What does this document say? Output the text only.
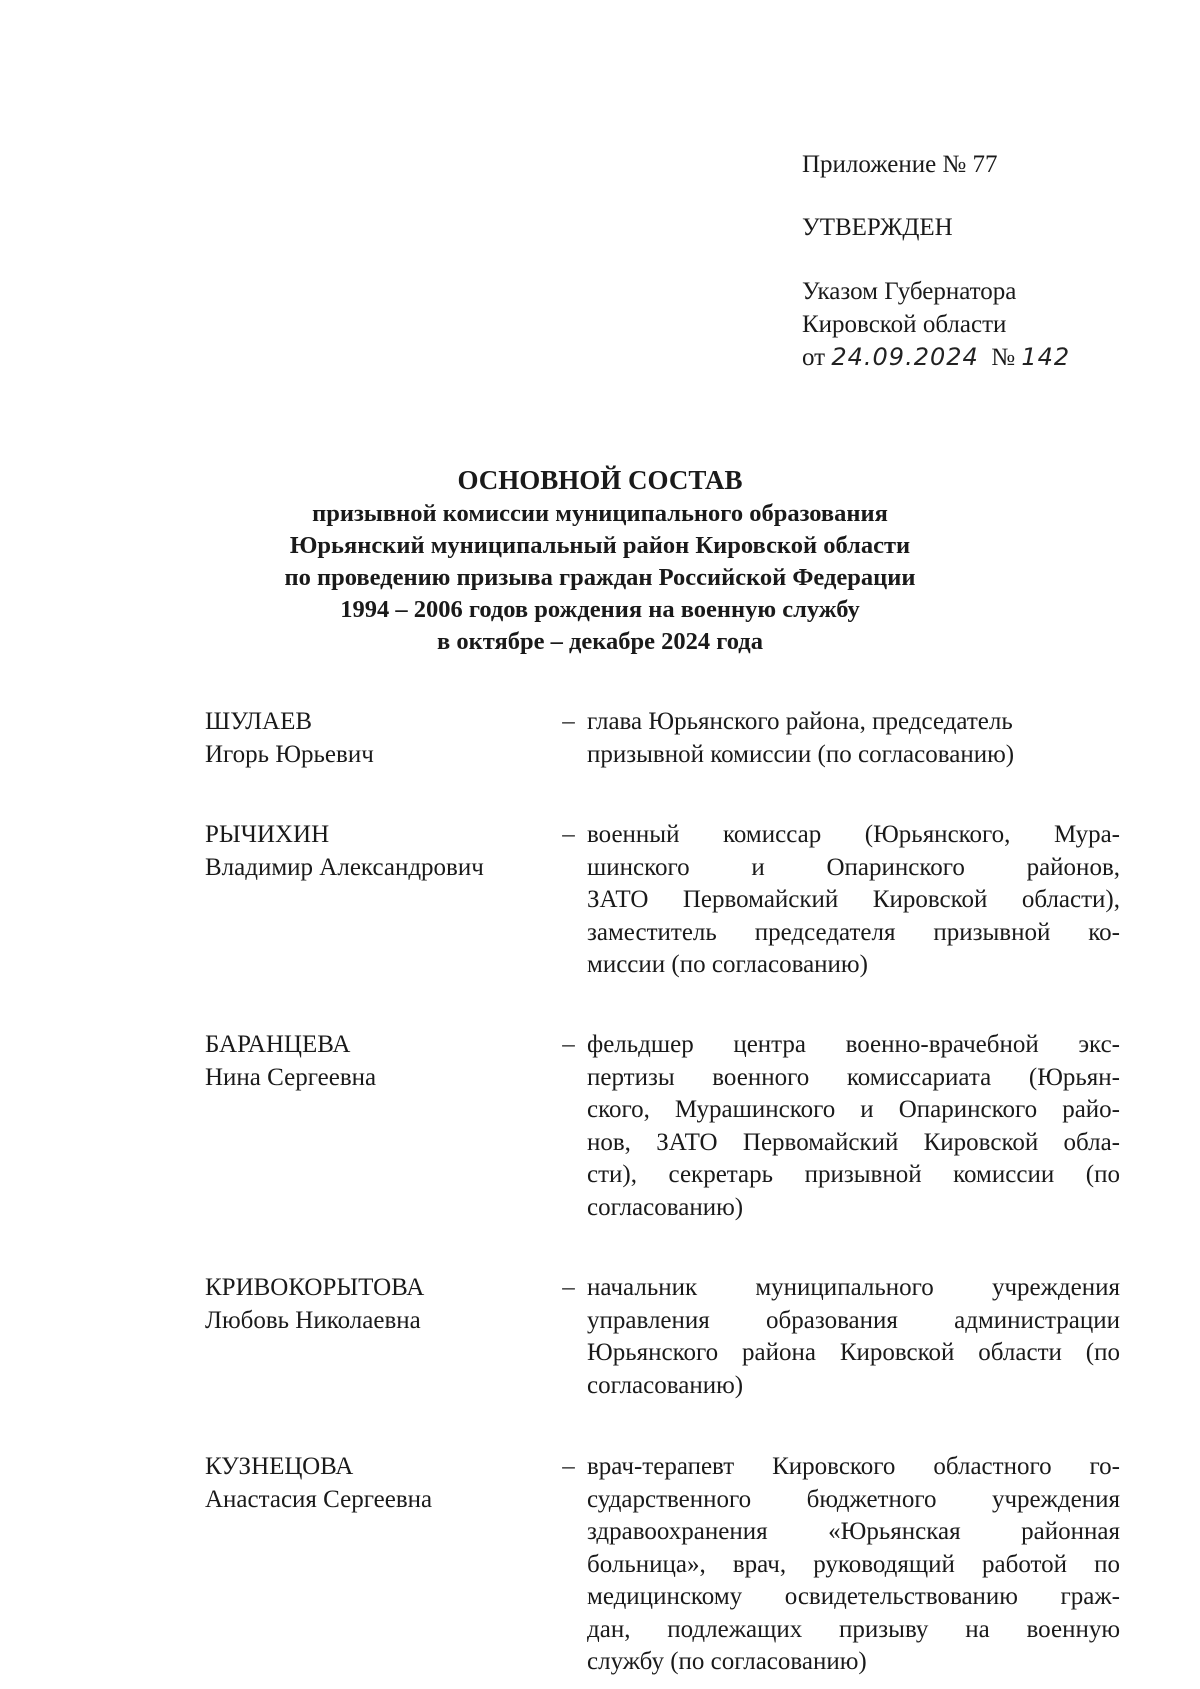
Приложение № 77
УТВЕРЖДЕН
Указом Губернатора
Кировской области
от 24.09.2024 № 142
ОСНОВНОЙ СОСТАВ
призывной комиссии муниципального образования
Юрьянский муниципальный район Кировской области
по проведению призыва граждан Российской Федерации
1994 – 2006 годов рождения на военную службу
в октябре – декабре 2024 года
ШУЛАЕВ
Игорь Юрьевич
– глава Юрьянского района, председатель
призывной комиссии (по согласованию)
РЫЧИХИН
Владимир Александрович
– военный комиссар (Юрьянского, Мура-
шинского и Опаринского районов,
ЗАТО Первомайский Кировской области),
заместитель председателя призывной ко-
миссии (по согласованию)
БАРАНЦЕВА
Нина Сергеевна
– фельдшер центра военно-врачебной экс-
пертизы военного комиссариата (Юрьян-
ского, Мурашинского и Опаринского райо-
нов, ЗАТО Первомайский Кировской обла-
сти), секретарь призывной комиссии (по
согласованию)
КРИВОКОРЫТОВА
Любовь Николаевна
– начальник муниципального учреждения
управления образования администрации
Юрьянского района Кировской области (по
согласованию)
КУЗНЕЦОВА
Анастасия Сергеевна
– врач-терапевт Кировского областного го-
сударственного бюджетного учреждения
здравоохранения «Юрьянская районная
больница», врач, руководящий работой по
медицинскому освидетельствованию граж-
дан, подлежащих призыву на военную
службу (по согласованию)
